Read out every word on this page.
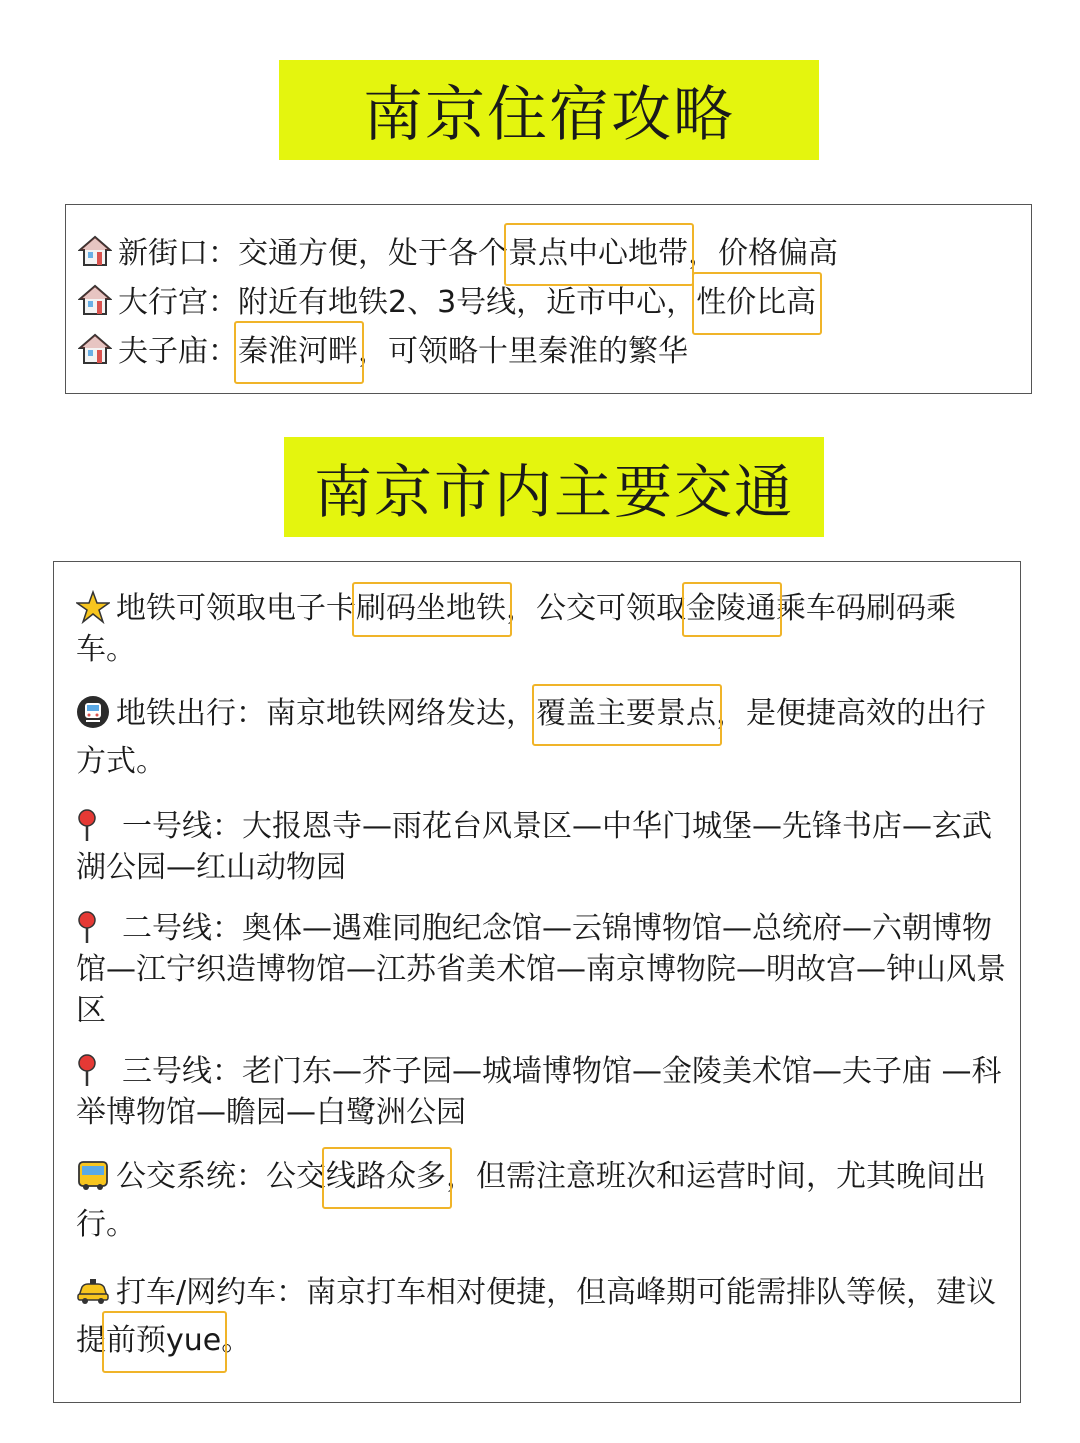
南京住宿攻略
新街口：交通方便，处于各个 景点中心地带 ，价格偏高
大行宫：附近有地铁2、3号线，近市中心， 性价比高
夫子庙： 秦淮河畔 ，可领略十里秦淮的繁华
南京市内主要交通
地铁可领取电子卡刷码坐地铁，公交可领取金陵通乘车码刷码乘车。
地铁出行：南京地铁网络发达，覆盖主要景点，是便捷高效的出行方式。
一号线：大报恩寺—雨花台风景区—中华门城堡—先锋书店—玄武湖公园—红山动物园
二号线：奥体—遇难同胞纪念馆—云锦博物馆—总统府—六朝博物馆—江宁织造博物馆—江苏省美术馆—南京博物院—明故宫—钟山风景区
三号线：老门东—芥子园—城墙博物馆—金陵美术馆—夫子庙 —科举博物馆—瞻园—白鹭洲公园
公交系统：公交线路众多，但需注意班次和运营时间，尤其晚间出行。
打车/网约车：南京打车相对便捷，但高峰期可能需排队等候，建议提前预yue。
